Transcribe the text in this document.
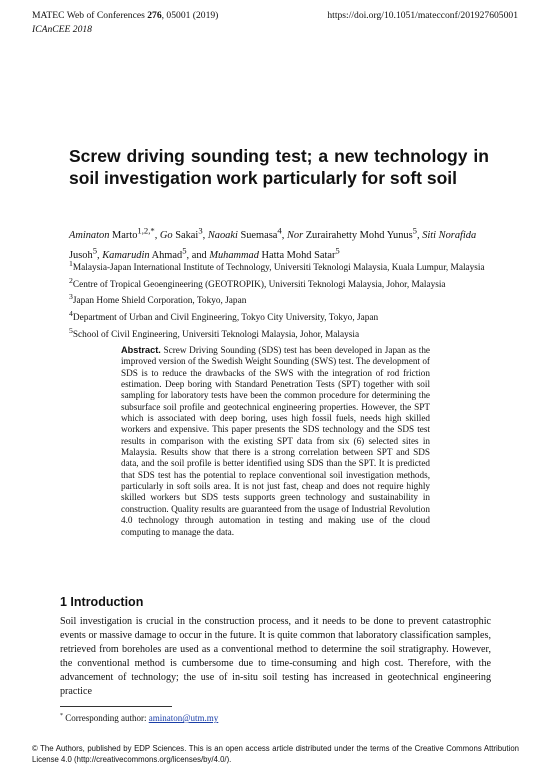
MATEC Web of Conferences 276, 05001 (2019)
ICAnCEE 2018
https://doi.org/10.1051/matecconf/201927605001
Screw driving sounding test; a new technology in soil investigation work particularly for soft soil
Aminaton Marto$^{1,2,*}$, Go Sakai$^3$, Naoaki Suemasa$^4$, Nor Zurairahetty Mohd Yunus$^5$, Siti Norafida Jusoh$^5$, Kamarudin Ahmad$^5$, and Muhammad Hatta Mohd Satar$^5$
$^1$Malaysia-Japan International Institute of Technology, Universiti Teknologi Malaysia, Kuala Lumpur, Malaysia
$^2$Centre of Tropical Geoengineering (GEOTROPIK), Universiti Teknologi Malaysia, Johor, Malaysia
$^3$Japan Home Shield Corporation, Tokyo, Japan
$^4$Department of Urban and Civil Engineering, Tokyo City University, Tokyo, Japan
$^5$School of Civil Engineering, Universiti Teknologi Malaysia, Johor, Malaysia
Abstract. Screw Driving Sounding (SDS) test has been developed in Japan as the improved version of the Swedish Weight Sounding (SWS) test. The development of SDS is to reduce the drawbacks of the SWS with the integration of rod friction estimation. Deep boring with Standard Penetration Tests (SPT) together with soil sampling for laboratory tests have been the common procedure for determining the subsurface soil profile and geotechnical engineering properties. However, the SPT which is associated with deep boring, uses high fossil fuels, needs high skilled workers and expensive. This paper presents the SDS technology and the SDS test results in comparison with the existing SPT data from six (6) selected sites in Malaysia. Results show that there is a strong correlation between SPT and SDS data, and the soil profile is better identified using SDS than the SPT. It is predicted that SDS test has the potential to replace conventional soil investigation methods, particularly in soft soils area. It is not just fast, cheap and does not require highly skilled workers but SDS tests supports green technology and sustainability in construction. Quality results are guaranteed from the usage of Industrial Revolution 4.0 technology through automation in testing and making use of the cloud computing to manage the data.
1 Introduction
Soil investigation is crucial in the construction process, and it needs to be done to prevent catastrophic events or massive damage to occur in the future. It is quite common that laboratory classification samples, retrieved from boreholes are used as a conventional method to determine the soil stratigraphy. However, the conventional method is cumbersome due to time-consuming and high cost. Therefore, with the advancement of technology; the use of in-situ soil testing has increased in geotechnical engineering practice
* Corresponding author: aminaton@utm.my
© The Authors, published by EDP Sciences. This is an open access article distributed under the terms of the Creative Commons Attribution License 4.0 (http://creativecommons.org/licenses/by/4.0/).
